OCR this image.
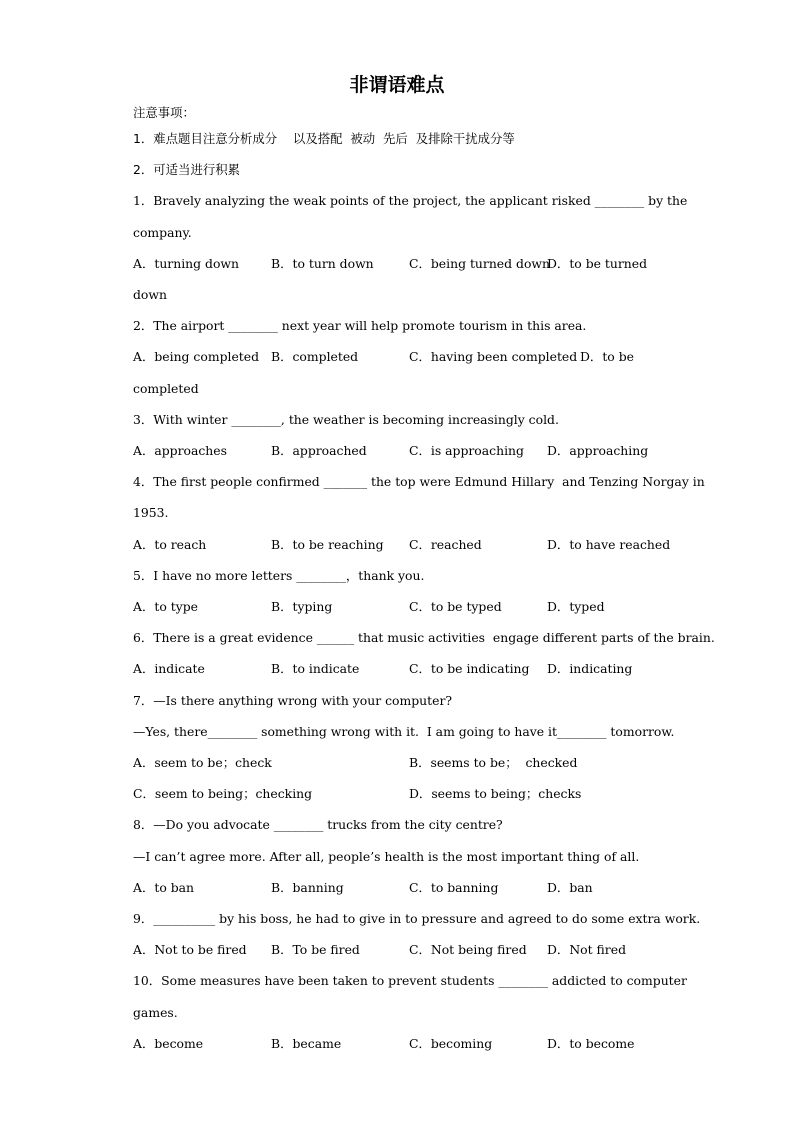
非谓语难点
注意事项：
1．难点题目注意分析成分    以及搭配  被动  先后  及排除干扰成分等
2．可适当进行积累
1．Bravely analyzing the weak points of the project, the applicant risked ________ by the
company.
A．turning down	B．to turn down	C．being turned down
D．to be turned
down
2．The airport ________ next year will help promote tourism in this area.
A．being completed B．completed	C．having been completed D．to be
completed
3．With winter ________, the weather is becoming increasingly cold.
A．approaches	B．approached	C．is approaching D．approaching
4．The first people confirmed _______ the top were Edmund Hillary  and Tenzing Norgay in
1953.
A．to reach	B．to be reaching C．reached	D．to have reached
5．I have no more letters ________，thank you.
A．to type	B．typing	C．to be typed	D．typed
6．There is a great evidence ______ that music activities  engage different parts of the brain.
A．indicate	B．to indicate	C．to be indicating D．indicating
7．—Is there anything wrong with your computer?
—Yes, there________ something wrong with it.  I am going to have it________ tomorrow.
A．seem to be；check	B．seems to be；  checked
C．seem to being；checking	D．seems to being；checks
8．—Do you advocate ________ trucks from the city centre?
—I can’t agree more. After all, people’s health is the most important thing of all.
A．to ban	B．banning	C．to banning	D．ban
9．__________ by his boss, he had to give in to pressure and agreed to do some extra work.
A．Not to be fired B．To be fired	C．Not being fired D．Not fired
10．Some measures have been taken to prevent students ________ addicted to computer
games.
A．become	B．became	C．becoming	D．to become
